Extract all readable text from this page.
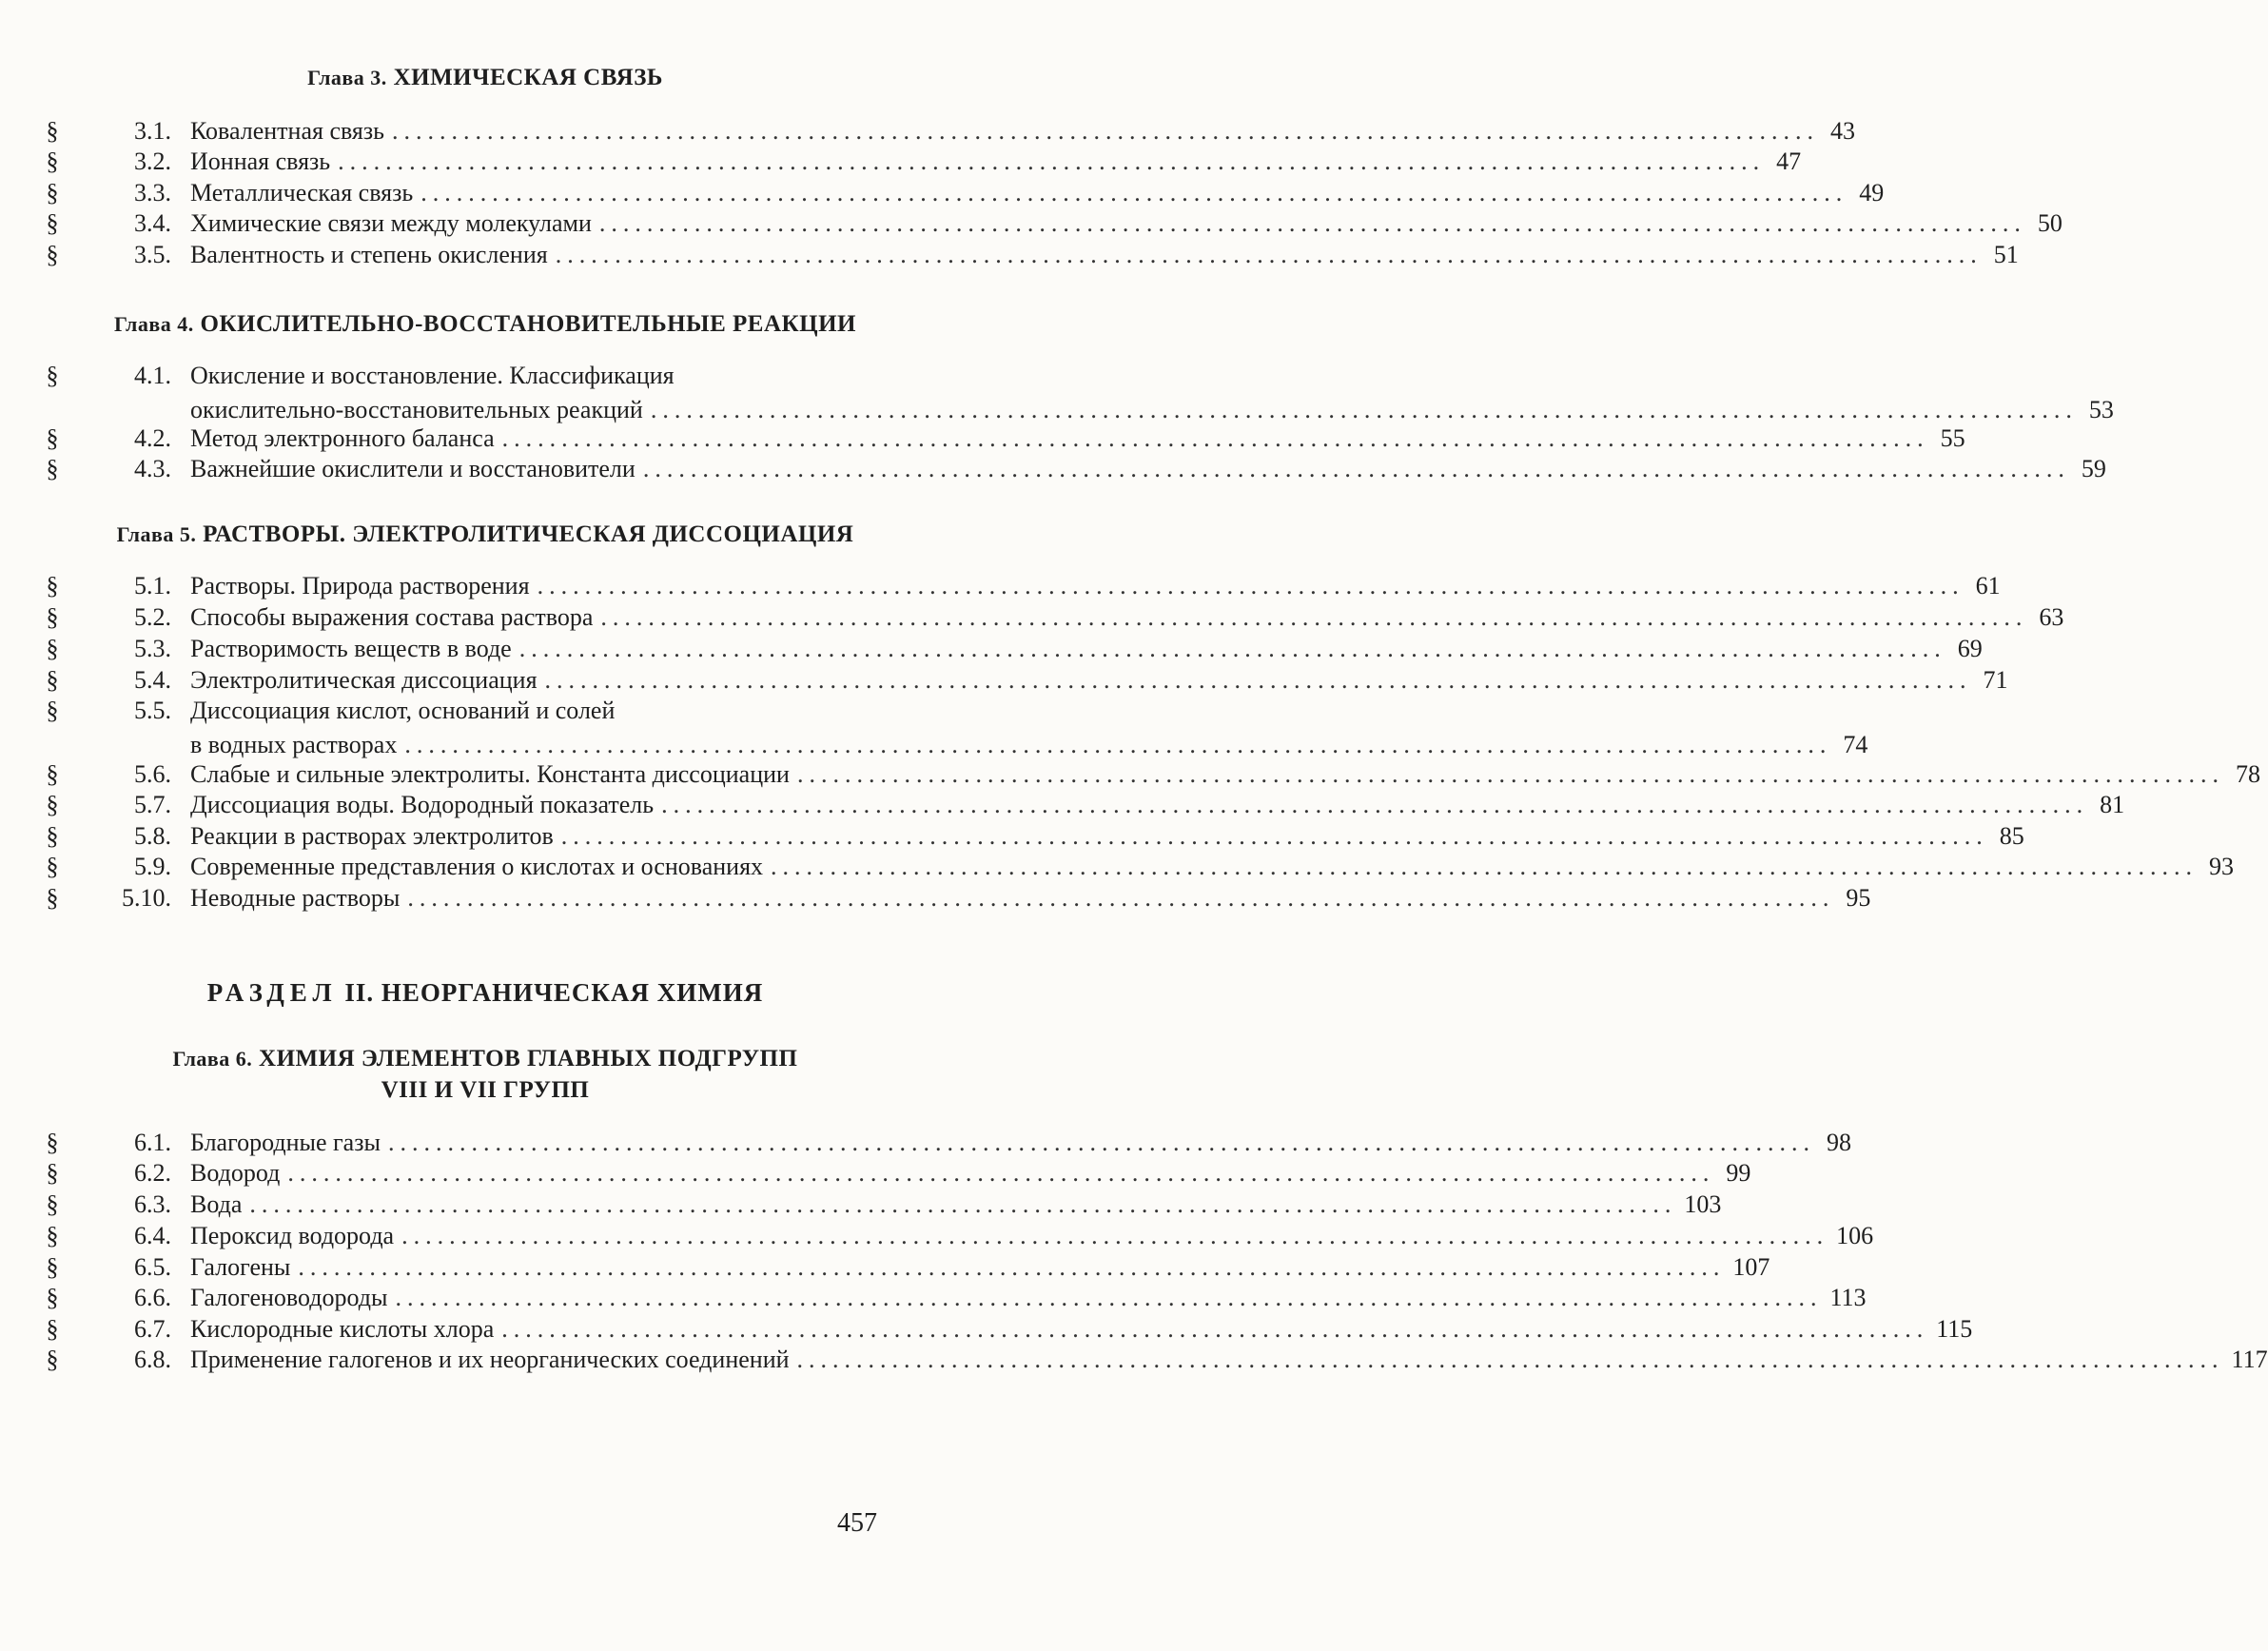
Глава 3. ХИМИЧЕСКАЯ СВЯЗЬ
§	3.1. Ковалентная связь ........................................................................................................................ 43
§	3.2. Ионная связь ........................................................................................................................ 47
§	3.3. Металлическая связь ........................................................................................................................ 49
§	3.4. Химические связи между молекулами ........................................................................................................................ 50
§	3.5. Валентность и степень окисления ........................................................................................................................ 51
Глава 4. ОКИСЛИТЕЛЬНО-ВОССТАНОВИТЕЛЬНЫЕ РЕАКЦИИ
§	4.1. Окисление и восстановление. Классификация
окислительно-восстановительных реакций ........................................................................................................................ 53
§	4.2. Метод электронного баланса ........................................................................................................................ 55
§	4.3. Важнейшие окислители и восстановители ........................................................................................................................ 59
Глава 5. РАСТВОРЫ. ЭЛЕКТРОЛИТИЧЕСКАЯ ДИССОЦИАЦИЯ
§	5.1. Растворы. Природа растворения ........................................................................................................................ 61
§	5.2. Способы выражения состава раствора ........................................................................................................................ 63
§	5.3. Растворимость веществ в воде ........................................................................................................................ 69
§	5.4. Электролитическая диссоциация ........................................................................................................................ 71
§	5.5. Диссоциация кислот, оснований и солей
в водных растворах ........................................................................................................................ 74
§	5.6. Слабые и сильные электролиты. Константа диссоциации ........................................................................................................................ 78
§	5.7. Диссоциация воды. Водородный показатель ........................................................................................................................ 81
§	5.8. Реакции в растворах электролитов ........................................................................................................................ 85
§	5.9. Современные представления о кислотах и основаниях ........................................................................................................................ 93
§	5.10. Неводные растворы ........................................................................................................................ 95
РАЗДЕЛ II. НЕОРГАНИЧЕСКАЯ ХИМИЯ
Глава 6. ХИМИЯ ЭЛЕМЕНТОВ ГЛАВНЫХ ПОДГРУПП
VIII И VII ГРУПП
§	6.1. Благородные газы ........................................................................................................................ 98
§	6.2. Водород ........................................................................................................................ 99
§	6.3. Вода ........................................................................................................................ 103
§	6.4. Пероксид водорода ........................................................................................................................ 106
§	6.5. Галогены ........................................................................................................................ 107
§	6.6. Галогеноводороды ........................................................................................................................ 113
§	6.7. Кислородные кислоты хлора ........................................................................................................................ 115
§	6.8. Применение галогенов и их неорганических соединений ........................................................................................................................ 117
457
